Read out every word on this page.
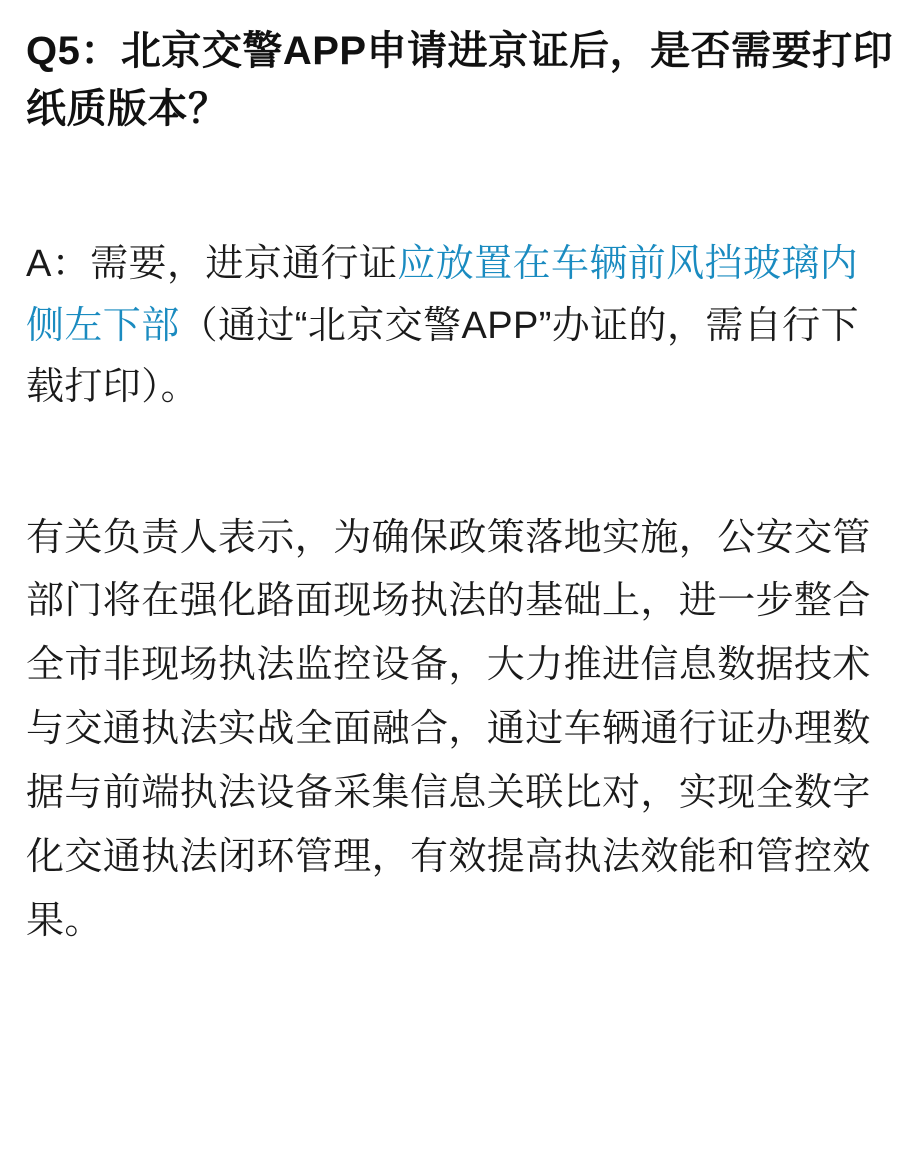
Q5：北京交警APP申请进京证后，是否需要打印纸质版本？

A：需要，进京通行证应放置在车辆前风挡玻璃内侧左下部（通过“北京交警APP”办证的，需自行下载打印）。

有关负责人表示，为确保政策落地实施，公安交管部门将在强化路面现场执法的基础上，进一步整合全市非现场执法监控设备，大力推进信息数据技术与交通执法实战全面融合，通过车辆通行证办理数据与前端执法设备采集信息关联比对，实现全数字化交通执法闭环管理，有效提高执法效能和管控效果。
